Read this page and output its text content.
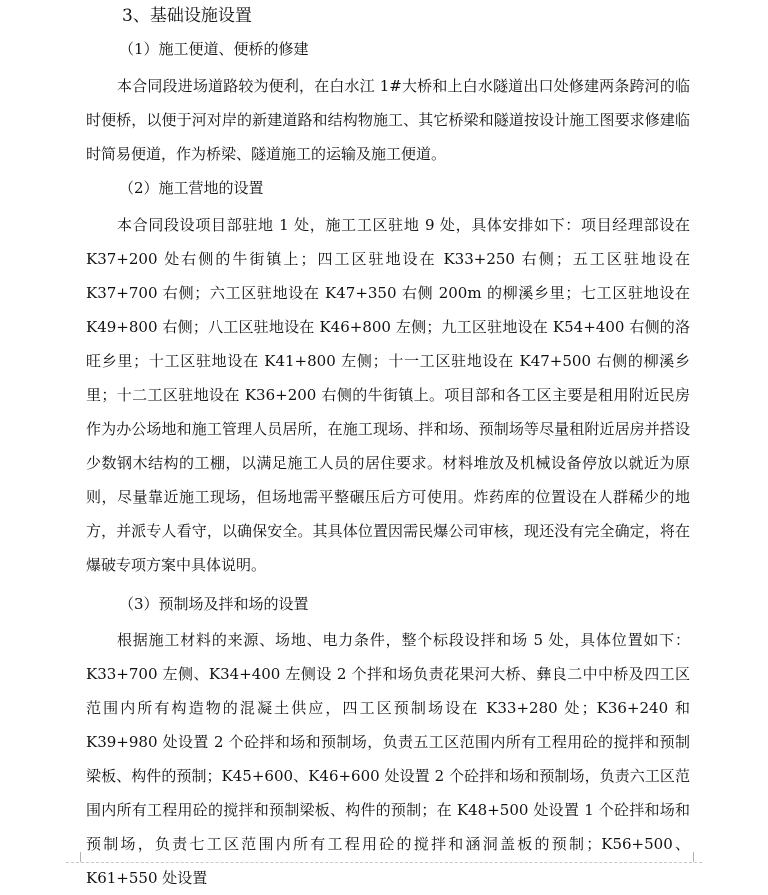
3、基础设施设置
（1）施工便道、便桥的修建

本合同段进场道路较为便利，在白水江 1#大桥和上白水隧道出口处修建两条跨河的临时便桥，以便于河对岸的新建道路和结构物施工、其它桥梁和隧道按设计施工图要求修建临时简易便道，作为桥梁、隧道施工的运输及施工便道。

（2）施工营地的设置

本合同段设项目部驻地 1 处，施工工区驻地 9 处，具体安排如下：项目经理部设在 K37+200 处右侧的牛街镇上；四工区驻地设在 K33+250 右侧；五工区驻地设在 K37+700 右侧；六工区驻地设在 K47+350 右侧 200m 的柳溪乡里；七工区驻地设在 K49+800 右侧；八工区驻地设在 K46+800 左侧；九工区驻地设在 K54+400 右侧的洛旺乡里；十工区驻地设在 K41+800 左侧；十一工区驻地设在 K47+500 右侧的柳溪乡里；十二工区驻地设在 K36+200 右侧的牛街镇上。项目部和各工区主要是租用附近民房作为办公场地和施工管理人员居所，在施工现场、拌和场、预制场等尽量租附近居房并搭设少数钢木结构的工棚，以满足施工人员的居住要求。材料堆放及机械设备停放以就近为原则，尽量靠近施工现场，但场地需平整碾压后方可使用。炸药库的位置设在人群稀少的地方，并派专人看守，以确保安全。其具体位置因需民爆公司审核，现还没有完全确定，将在爆破专项方案中具体说明。

（3）预制场及拌和场的设置

根据施工材料的来源、场地、电力条件，整个标段设拌和场 5 处，具体位置如下：K33+700 左侧、K34+400 左侧设 2 个拌和场负责花果河大桥、彝良二中中桥及四工区范围内所有构造物的混凝土供应，四工区预制场设在 K33+280 处；K36+240 和 K39+980 处设置 2 个砼拌和场和预制场，负责五工区范围内所有工程用砼的搅拌和预制梁板、构件的预制；K45+600、K46+600 处设置 2 个砼拌和场和预制场，负责六工区范围内所有工程用砼的搅拌和预制梁板、构件的预制；在 K48+500 处设置 1 个砼拌和场和预制场，负责七工区范围内所有工程用砼的搅拌和涵洞盖板的预制；K56+500、K61+550 处设置
